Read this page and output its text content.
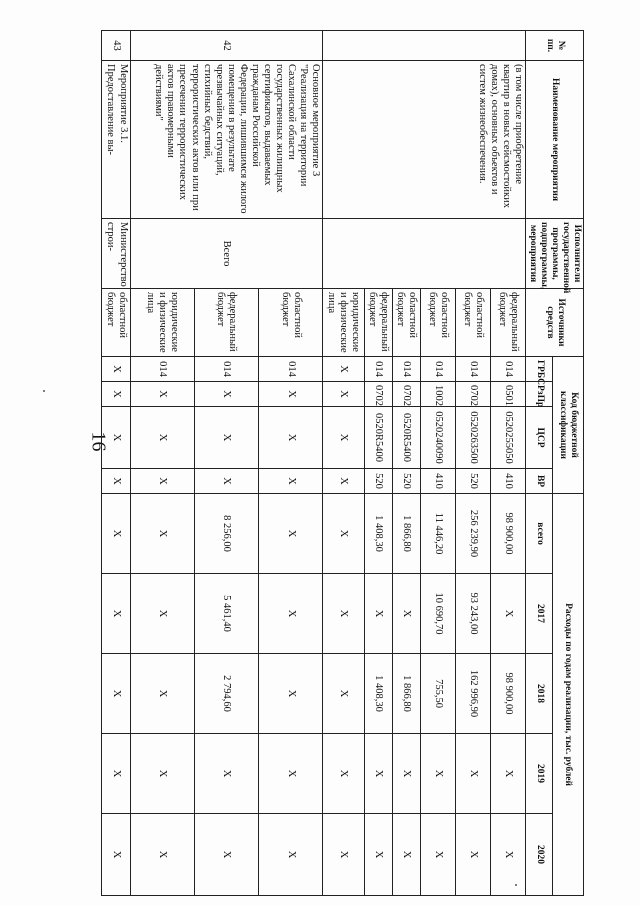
16
№ пп.	Наименование мероприятия	Исполнители государственной программы, подпрограммы, мероприятия	Источники средств	Код бюджетной классификации				Расходы по годам реализации, тыс. рублей				
				ГРБС	РзПр	ЦСР	ВР	всего	2017	2018	2019	2020
	(в том числе приобретение квартир в новых сейсмостойких домах), основных объектов и систем жизнеобеспечения.		федеральный бюджет	014	0501	0520255050	410	98 900,00	Х	98 900,00	Х	Х
			областной бюджет	014	0702	0520263500	520	256 239,90	93 243,00	162 996,90	Х	Х
			областной бюджет	014	1002	0520240090	410	11 446,20	10 690,70	755,50	Х	Х
			областной бюджет	014	0702	0520R5400	520	1 866,80	Х	1 866,80	Х	Х
			федеральный бюджет	014	0702	0520R5400	520	1 408,30	Х	1 408,30	Х	Х
			юридические и физические лица	Х	Х	Х	Х	Х	Х	Х	Х	Х
42	Основное мероприятие 3 "Реализация на территории Сахалинской области государственных жилищных сертификатов, выдаваемых гражданам Российской Федерации, лишившимся жилого помещения в результате чрезвычайных ситуаций, стихийных бедствий, террористических актов или при пресечении террористических актов правомерными действиями"	Всего	областной бюджет	014	Х	Х	Х	Х	Х	Х	Х	Х
			федеральный бюджет	014	Х	Х	Х	8 256,00	5 461,40	2 794,60	Х	Х
			юридические и физические лица	014	Х	Х	Х	Х	Х	Х	Х	Х
43	Мероприятие 3.1. Предоставление вы-	Министерство строи-	областной бюджет	Х	Х	Х	Х	Х	Х	Х	Х	Х
